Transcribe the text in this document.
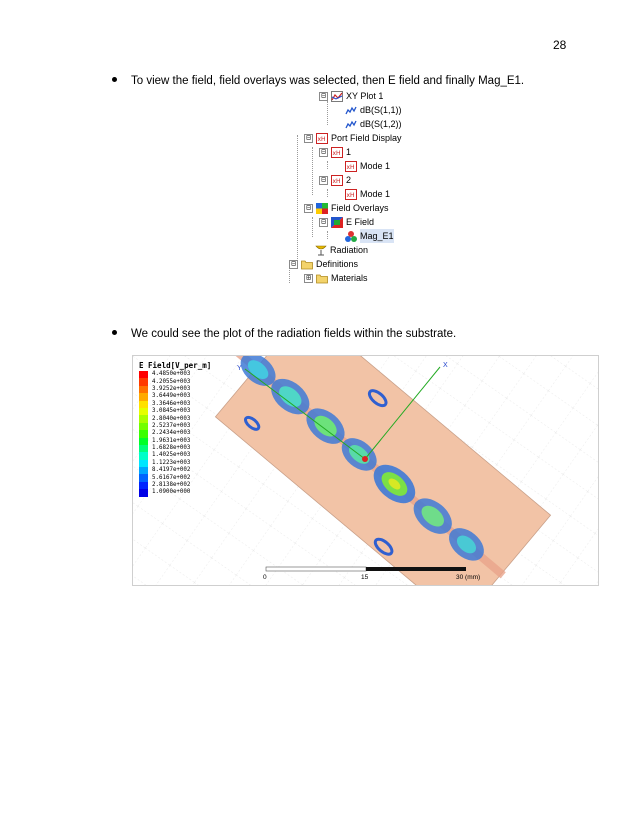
28
To view the field, field overlays was selected, then E field and finally Mag_E1.
⊟ XY Plot 1
dB(S(1,1))
dB(S(1,2))
⊟	xH Port Field Display
⊟	xH 1
xH Mode 1
⊟	xH 2
xH Mode 1
⊟ Field Overlays
⊟ E Field
Mag_E1
Radiation
⊟ Definitions
⊞ Materials
We could see the plot of the radiation fields within the substrate.
Y	X
E Field[V_per_m]
4.4850e+003
4.2055e+003
3.9252e+003
3.6449e+003
3.3646e+003
3.0845e+003
2.8040e+003
2.5237e+003
2.2434e+003
1.9631e+003
1.6828e+003
1.4025e+003
1.1223e+003
8.4197e+002
5.6167e+002
2.8138e+002
1.0900e+000
0	15	30 (mm)
